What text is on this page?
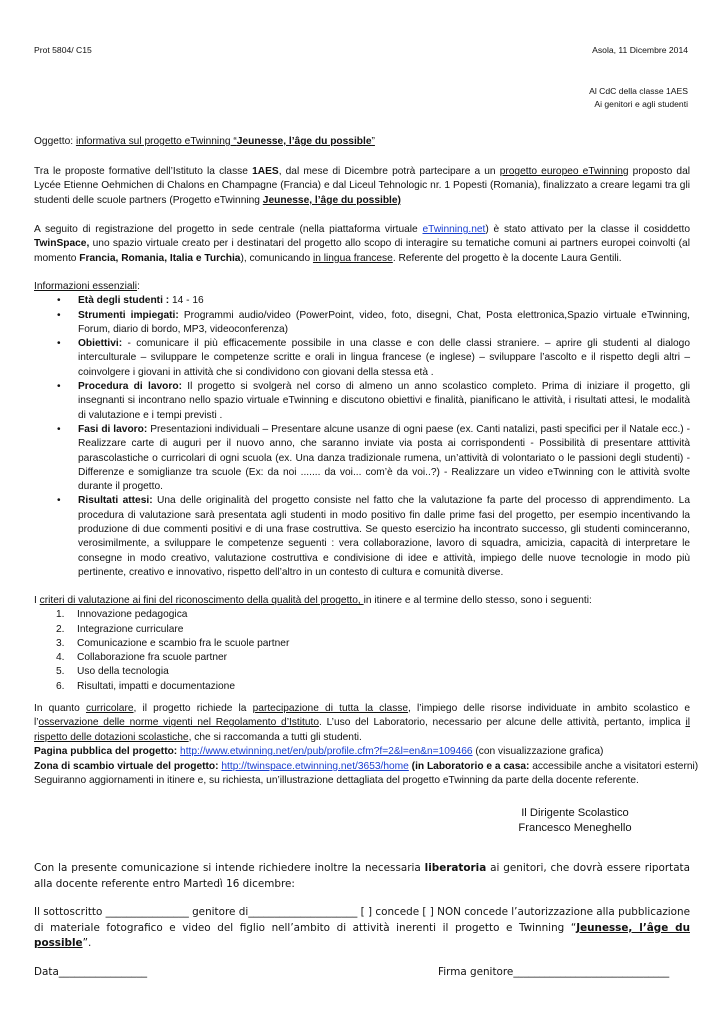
Prot 5804/ C15	Asola, 11 Dicembre 2014
Al CdC della classe 1AES
Ai genitori e agli studenti
Oggetto: informativa sul progetto eTwinning “Jeunesse, l’âge du possible”
Tra le proposte formative dell’Istituto la classe 1AES, dal mese di Dicembre potrà partecipare a un progetto europeo eTwinning proposto dal Lycée Etienne Oehmichen di Chalons en Champagne (Francia) e dal Liceul Tehnologic nr. 1 Popesti (Romania), finalizzato a creare legami tra gli studenti delle scuole partners (Progetto eTwinning Jeunesse, l’âge du possible)
A seguito di registrazione del progetto in sede centrale (nella piattaforma virtuale eTwinning.net) è stato attivato per la classe il cosiddetto TwinSpace, uno spazio virtuale creato per i destinatari del progetto allo scopo di interagire su tematiche comuni ai partners europei coinvolti (al momento Francia, Romania, Italia e Turchia), comunicando in lingua francese. Referente del progetto è la docente Laura Gentili.
Informazioni essenziali:
• Età degli studenti : 14 - 16
• Strumenti impiegati: Programmi audio/video (PowerPoint, video, foto, disegni, Chat, Posta elettronica,Spazio virtuale eTwinning, Forum, diario di bordo, MP3, videoconferenza)
• Obiettivi: - comunicare il più efficacemente possibile in una classe e con delle classi straniere. – aprire gli studenti al dialogo interculturale – sviluppare le competenze scritte e orali in lingua francese (e inglese) – sviluppare l’ascolto e il rispetto degli altri – coinvolgere i giovani in attività che si condividono con giovani della stessa età .
• Procedura di lavoro: Il progetto si svolgerà nel corso di almeno un anno scolastico completo. Prima di iniziare il progetto, gli insegnanti si incontrano nello spazio virtuale eTwinning e discutono obiettivi e finalità, pianificano le attività, i risultati attesi, le modalità di valutazione e i tempi previsti .
• Fasi di lavoro: Presentazioni individuali – Presentare alcune usanze di ogni paese (ex. Canti natalizi, pasti specifici per il Natale ecc.) - Realizzare carte di auguri per il nuovo anno, che saranno inviate via posta ai corrispondenti - Possibilità di presentare atttività parascolastiche o curricolari di ogni scuola (ex. Una danza tradizionale rumena, un’attività di volontariato o le passioni degli studenti) - Differenze e somiglianze tra scuole (Ex: da noi ....... da voi... com’è da voi..?) - Realizzare un video eTwinning con le attività svolte durante il progetto.
• Risultati attesi: Una delle originalità del progetto consiste nel fatto che la valutazione fa parte del processo di apprendimento. La procedura di valutazione sarà presentata agli studenti in modo positivo fin dalle prime fasi del progetto, per esempio incentivando la produzione di due commenti positivi e di una frase costruttiva. Se questo esercizio ha incontrato successo, gli studenti cominceranno, verosimilmente, a sviluppare le competenze seguenti : vera collaborazione, lavoro di squadra, amicizia, capacità di interpretare le consegne in modo creativo, valutazione costruttiva e condivisione di idee e attività, impiego delle nuove tecnologie in modo più pertinente, creativo e innovativo, rispetto dell’altro in un contesto di cultura e comunità diverse.
I criteri di valutazione ai fini del riconoscimento della qualità del progetto, in itinere e al termine dello stesso, sono i seguenti:
1. Innovazione pedagogica
2. Integrazione curriculare
3. Comunicazione e scambio fra le scuole partner
4. Collaborazione fra scuole partner
5. Uso della tecnologia
6. Risultati, impatti e documentazione
In quanto curricolare, il progetto richiede la partecipazione di tutta la classe, l’impiego delle risorse individuate in ambito scolastico e l’osservazione delle norme vigenti nel Regolamento d’Istituto. L’uso del Laboratorio, necessario per alcune delle attività, pertanto, implica il rispetto delle dotazioni scolastiche, che si raccomanda a tutti gli studenti.
Pagina pubblica del progetto: http://www.etwinning.net/en/pub/profile.cfm?f=2&l=en&n=109466 (con visualizzazione grafica)
Zona di scambio virtuale del progetto: http://twinspace.etwinning.net/3653/home (in Laboratorio e a casa: accessibile anche a visitatori esterni)
Seguiranno aggiornamenti in itinere e, su richiesta, un’illustrazione dettagliata del progetto eTwinning da parte della docente referente.
Il Dirigente Scolastico
Francesco Meneghello
Con la presente comunicazione si intende richiedere inoltre la necessaria liberatoria ai genitori, che dovrà essere riportata alla docente referente entro Martedì 16 dicembre:
Il sottoscritto ________________ genitore di_____________________ [ ] concede [ ] NON concede l’autorizzazione alla pubblicazione di materiale fotografico e video del figlio nell’ambito di attività inerenti il progetto e Twinning “Jeunesse, l’âge du possible”.
Data_________________	Firma genitore______________________________
